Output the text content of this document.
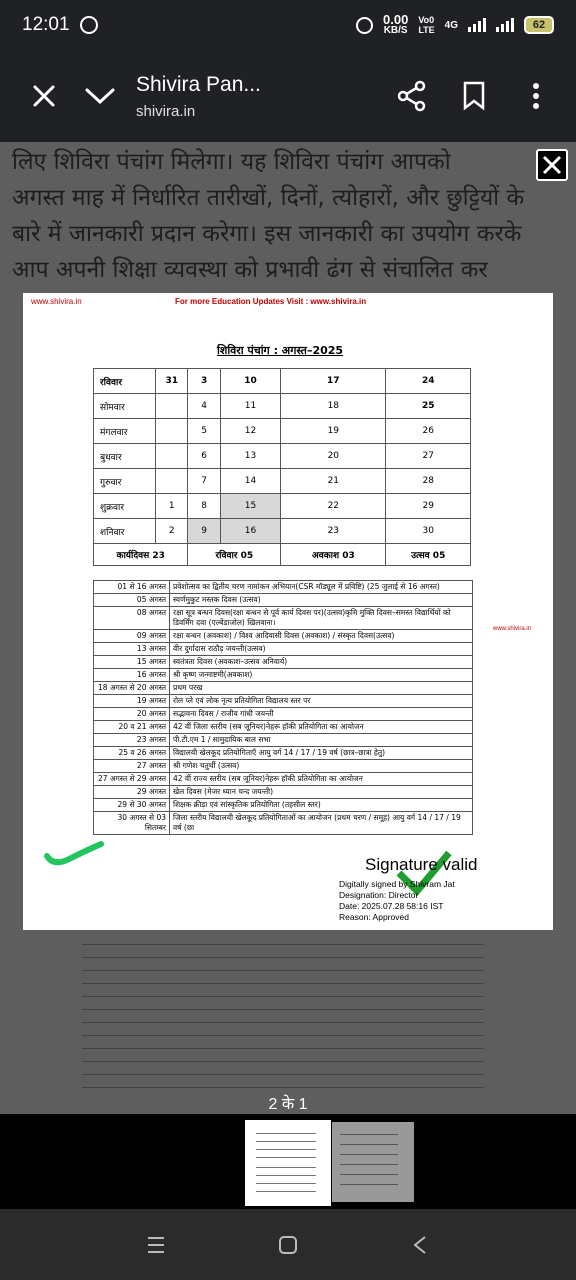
12:01	0.00
KB/S
Vo0
LTE 4G	62
Shivira Pan...
shivira.in
लिए शिविरा पंचांग मिलेगा। यह शिविरा पंचांग आपको
अगस्त माह में निर्धारित तारीखों, दिनों, त्योहारों, और छुट्टियों के
बारे में जानकारी प्रदान करेगा। इस जानकारी का उपयोग करके
आप अपनी शिक्षा व्यवस्था को प्रभावी ढंग से संचालित कर
www.shivira.in	For more Education Updates Visit : www.shivira.in
शिविरा पंचांग : अगस्त–2025
रविवार	31	3	10	17	24
सोमवार		4	11	18	25
मंगलवार		5	12	19	26
बुधवार		6	13	20	27
गुरुवार		7	14	21	28
शुक्रवार	1	8	15	22	29
शनिवार	2	9	16	23	30
कार्यदिवस 23		रविवार 05		अवकाश 03	उत्सव 05
01 से 16 अगस्त	प्रवेशोत्सव का द्वितीय चरण नामांकन अभियान(CSR मॉड्यूल में प्रविष्टि) (25 जुलाई से 16 अगस्त)
05 अगस्त	स्वर्णमुकुट मस्तक दिवस (उत्सव)
08 अगस्त	रक्षा सूत्र बन्धन दिवस(रक्षा बन्धन से पूर्व कार्य दिवस पर)(उत्सव)कृमि मुक्ति दिवस–समस्त विद्यार्थियों को डिवर्मिंग दवा (एल्बेंडाजोल) खिलवाना।
09 अगस्त	रक्षा बन्धन (अवकाश) / विश्व आदिवासी दिवस (अवकाश) / संस्कृत दिवस(उत्सव)
13 अगस्त	वीर दुर्गादास राठौड़ जयन्ती(उत्सव)
15 अगस्त	स्वतंत्रता दिवस (अवकाश–उत्सव अनिवार्य)
16 अगस्त	श्री कृष्ण जन्माष्टमी(अवकाश)
18 अगस्त से 20 अगस्त	प्रथम परख
19 अगस्त	रोल प्ले एवं लोक नृत्य प्रतियोगिता विद्यालय स्तर पर
20 अगस्त	सद्भावना दिवस / राजीव गांधी जयन्ती
20 व 21 अगस्त	42 वीं जिला स्तरीय (सब जूनियर)नेहरू हॉकी प्रतियोगिता का आयोजन
23 अगस्त	पी.टी.एम 1 / सामुदायिक बाल सभा
25 व 26 अगस्त	विद्यालयी खेलकूद प्रतियोगिताएँ आयु वर्ग 14 / 17 / 19 वर्ष (छात्र–छात्रा हेतु)
27 अगस्त	श्री गणेश चतुर्थी (उत्सव)
27 अगस्त से 29 अगस्त	42 वीं राज्य स्तरीय (सब जूनियर)नेहरू हॉकी प्रतियोगिता का आयोजन
29 अगस्त	खेल दिवस (मेजर ध्यान चन्द जयन्ती)
29 से 30 अगस्त	शिक्षक क्रीड़ा एवं सांस्कृतिक प्रतियोगिता (तहसील स्तर)
30 अगस्त से 03 सितम्बर	जिला स्तरीय विद्यालयी खेलकूद प्रतियोगिताओं का आयोजन (प्रथम चरण / समूह) आयु वर्ग 14 / 17 / 19 वर्ष (छा
www.shivira.in
Signature valid
Digitally signed by Shivram Jat
Designation: Director
Date: 2025.07.28 58:16 IST
Reason: Approved
2 के 1
